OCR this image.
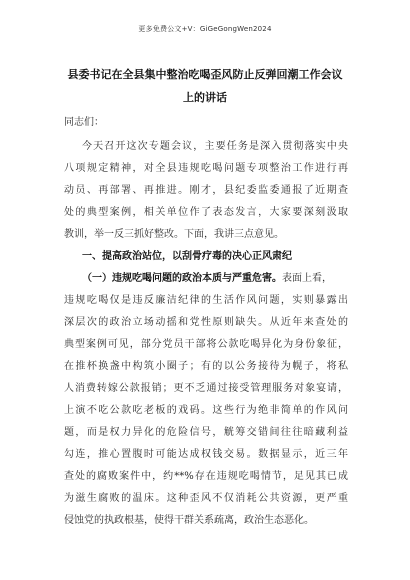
更多免费公文+V：GiGeGongWen2024
县委书记在全县集中整治吃喝歪风防止反弹回潮工作会议
上的讲话
同志们：
今天召开这次专题会议，主要任务是深入贯彻落实中央
八项规定精神，对全县违规吃喝问题专项整治工作进行再
动员、再部署、再推进。刚才，县纪委监委通报了近期查
处的典型案例，相关单位作了表态发言，大家要深刻汲取
教训，举一反三抓好整改。下面，我讲三点意见。
一、提高政治站位，以刮骨疗毒的决心正风肃纪
（一）违规吃喝问题的政治本质与严重危害。表面上看，
违规吃喝仅是违反廉洁纪律的生活作风问题，实则暴露出
深层次的政治立场动摇和党性原则缺失。从近年来查处的
典型案例可见，部分党员干部将公款吃喝异化为身份象征，
在推杯换盏中构筑小圈子；有的以公务接待为幌子，将私
人消费转嫁公款报销；更不乏通过接受管理服务对象宴请，
上演不吃公款吃老板的戏码。这些行为绝非简单的作风问
题，而是权力异化的危险信号，觥筹交错间往往暗藏利益
勾连，推心置腹时可能达成权钱交易。数据显示，近三年
查处的腐败案件中，约**%存在违规吃喝情节，足见其已成
为滋生腐败的温床。这种歪风不仅消耗公共资源，更严重
侵蚀党的执政根基，使得干群关系疏离，政治生态恶化。
